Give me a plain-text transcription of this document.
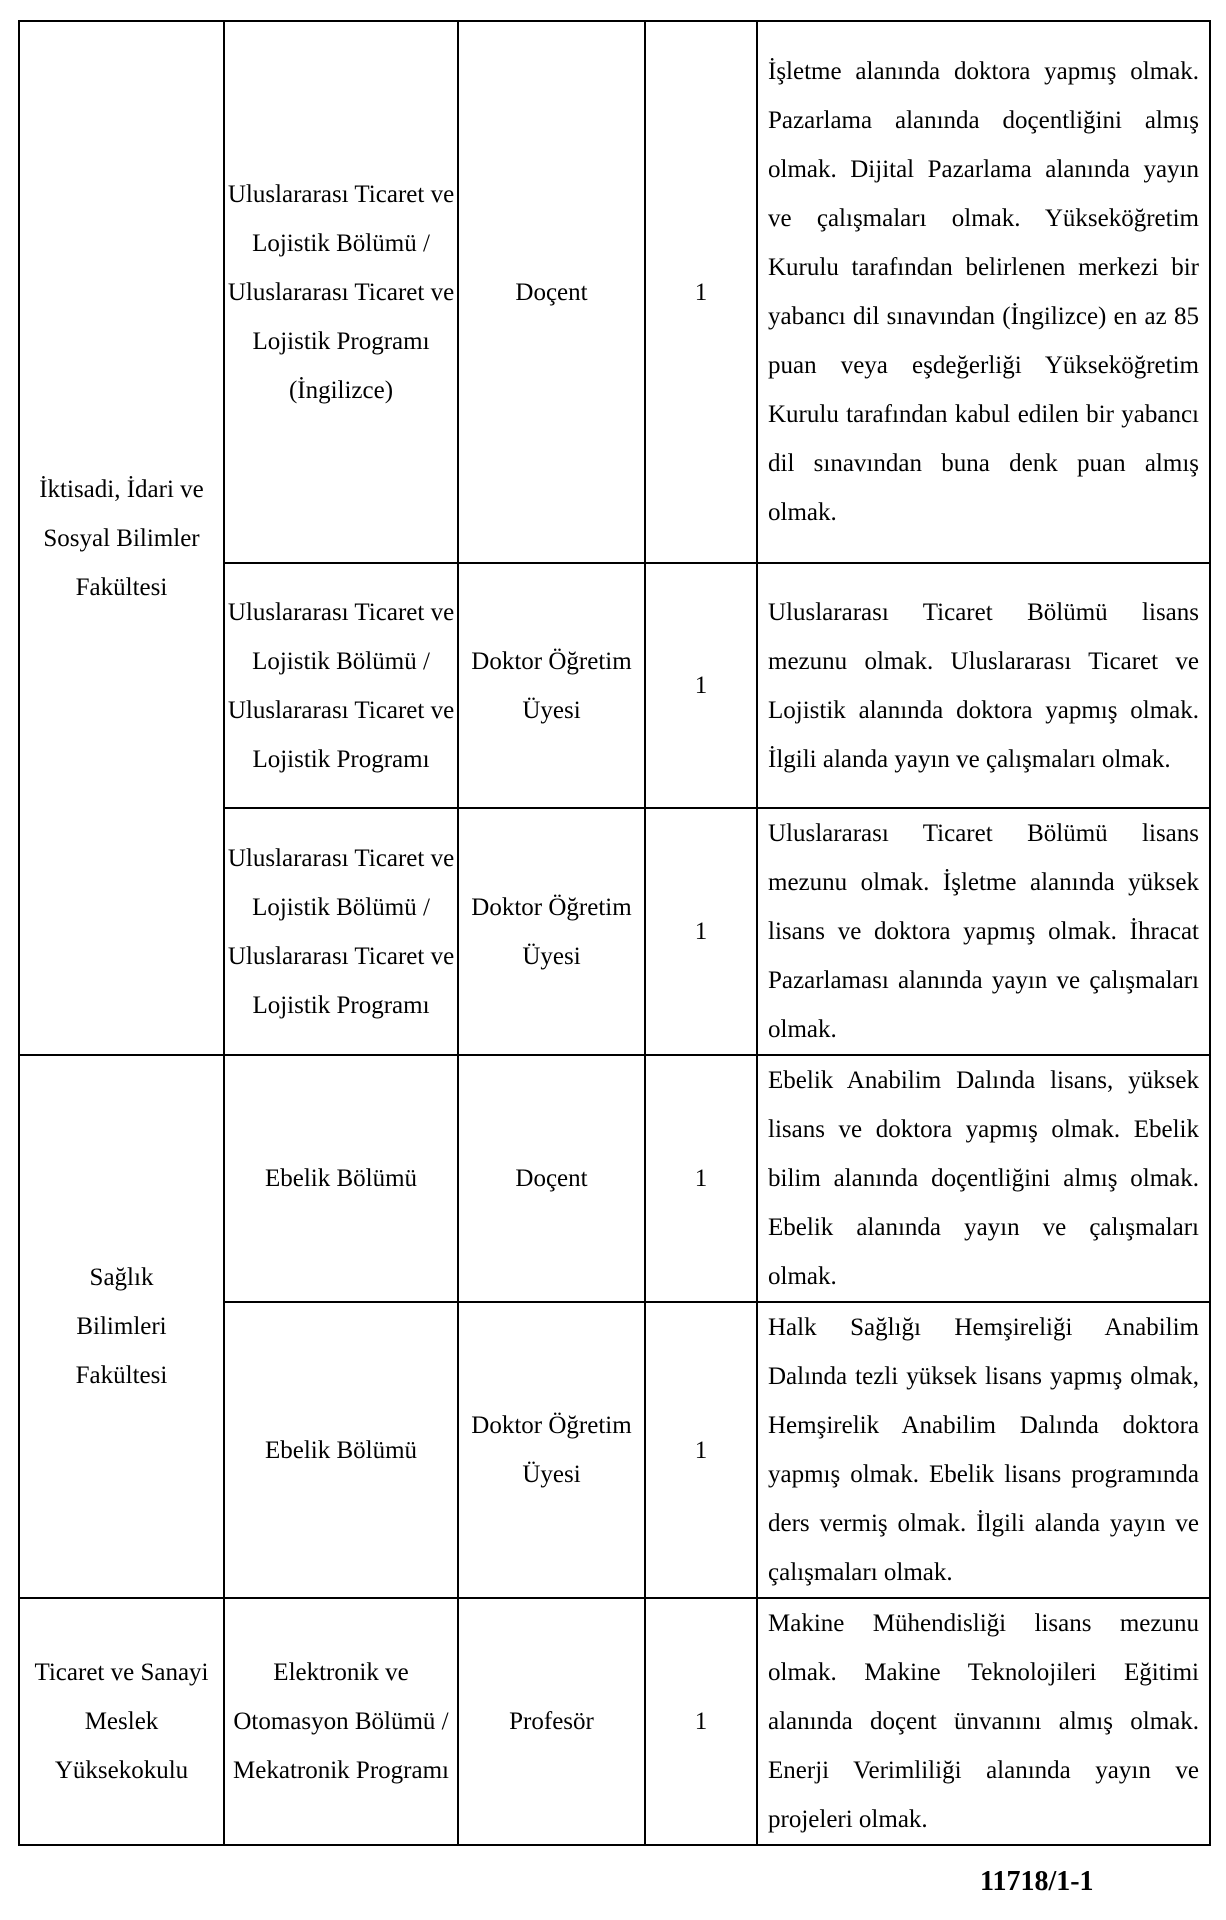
İktisadi, İdari ve Sosyal Bilimler Fakültesi	Uluslararası Ticaret ve Lojistik Bölümü / Uluslararası Ticaret ve Lojistik Programı (İngilizce)	Doçent	1	İşletme alanında doktora yapmış olmak. Pazarlama alanında doçentliğini almış olmak. Dijital Pazarlama alanında yayın ve çalışmaları olmak. Yükseköğretim Kurulu tarafından belirlenen merkezi bir yabancı dil sınavından (İngilizce) en az 85 puan veya eşdeğerliği Yükseköğretim Kurulu tarafından kabul edilen bir yabancı dil sınavından buna denk puan almış olmak.

	Uluslararası Ticaret ve Lojistik Bölümü / Uluslararası Ticaret ve Lojistik Programı	Doktor Öğretim Üyesi	1	Uluslararası Ticaret Bölümü lisans mezunu olmak. Uluslararası Ticaret ve Lojistik alanında doktora yapmış olmak. İlgili alanda yayın ve çalışmaları olmak.

	Uluslararası Ticaret ve Lojistik Bölümü / Uluslararası Ticaret ve Lojistik Programı	Doktor Öğretim Üyesi	1	Uluslararası Ticaret Bölümü lisans mezunu olmak. İşletme alanında yüksek lisans ve doktora yapmış olmak. İhracat Pazarlaması alanında yayın ve çalışmaları olmak.

Sağlık Bilimleri Fakültesi	Ebelik Bölümü	Doçent	1	Ebelik Anabilim Dalında lisans, yüksek lisans ve doktora yapmış olmak. Ebelik bilim alanında doçentliğini almış olmak. Ebelik alanında yayın ve çalışmaları olmak.

	Ebelik Bölümü	Doktor Öğretim Üyesi	1	Halk Sağlığı Hemşireliği Anabilim Dalında tezli yüksek lisans yapmış olmak, Hemşirelik Anabilim Dalında doktora yapmış olmak. Ebelik lisans programında ders vermiş olmak. İlgili alanda yayın ve çalışmaları olmak.

Ticaret ve Sanayi Meslek Yüksekokulu	Elektronik ve Otomasyon Bölümü / Mekatronik Programı	Profesör	1	Makine Mühendisliği lisans mezunu olmak. Makine Teknolojileri Eğitimi alanında doçent ünvanını almış olmak. Enerji Verimliliği alanında yayın ve projeleri olmak.
11718/1-1
